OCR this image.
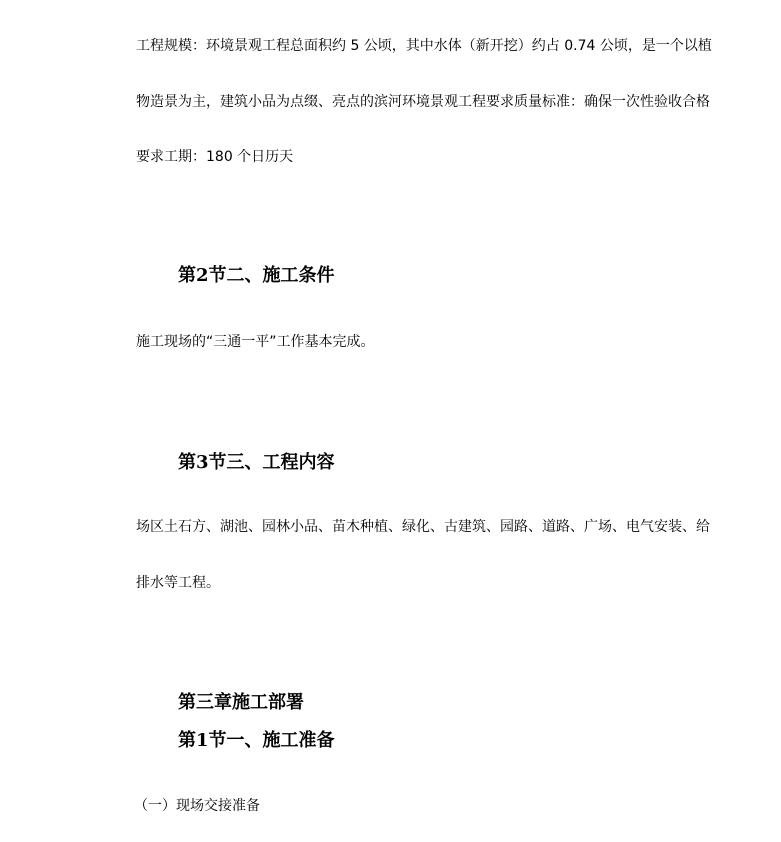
工程规模：环境景观工程总面积约 5 公顷，其中水体（新开挖）约占 0.74 公顷，是一个以植
物造景为主，建筑小品为点缀、亮点的滨河环境景观工程要求质量标准：确保一次性验收合格
要求工期：180 个日历天
第2节二、施工条件
施工现场的“三通一平”工作基本完成。
第3节三、工程内容
场区土石方、湖池、园林小品、苗木种植、绿化、古建筑、园路、道路、广场、电气安装、给
排水等工程。
第三章施工部署
第1节一、施工准备
（一）现场交接准备
